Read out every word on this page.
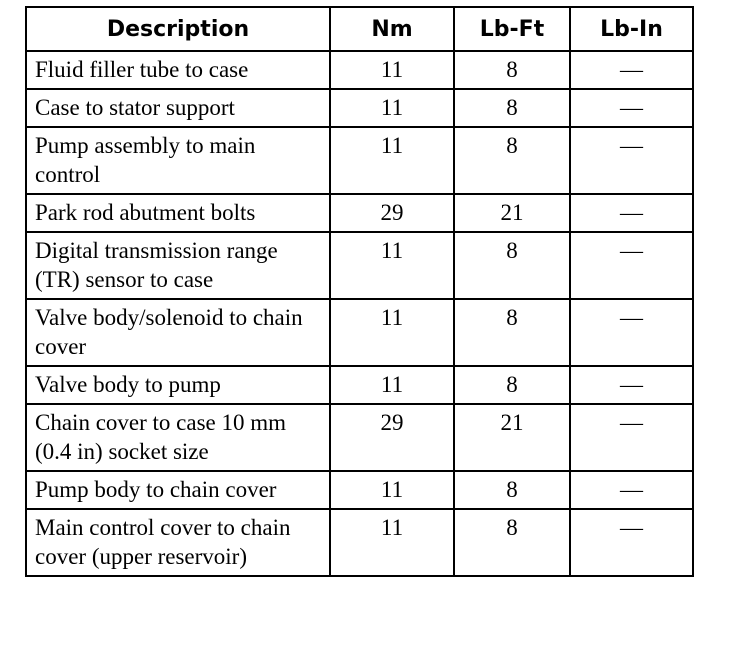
Description	Nm	Lb-Ft	Lb-In
Fluid filler tube to case	11	8	—
Case to stator support	11	8	—
Pump assembly to main control	11	8	—
Park rod abutment bolts	29	21	—
Digital transmission range (TR) sensor to case	11	8	—
Valve body/solenoid to chain cover	11	8	—
Valve body to pump	11	8	—
Chain cover to case 10 mm (0.4 in) socket size	29	21	—
Pump body to chain cover	11	8	—
Main control cover to chain cover (upper reservoir)	11	8	—
